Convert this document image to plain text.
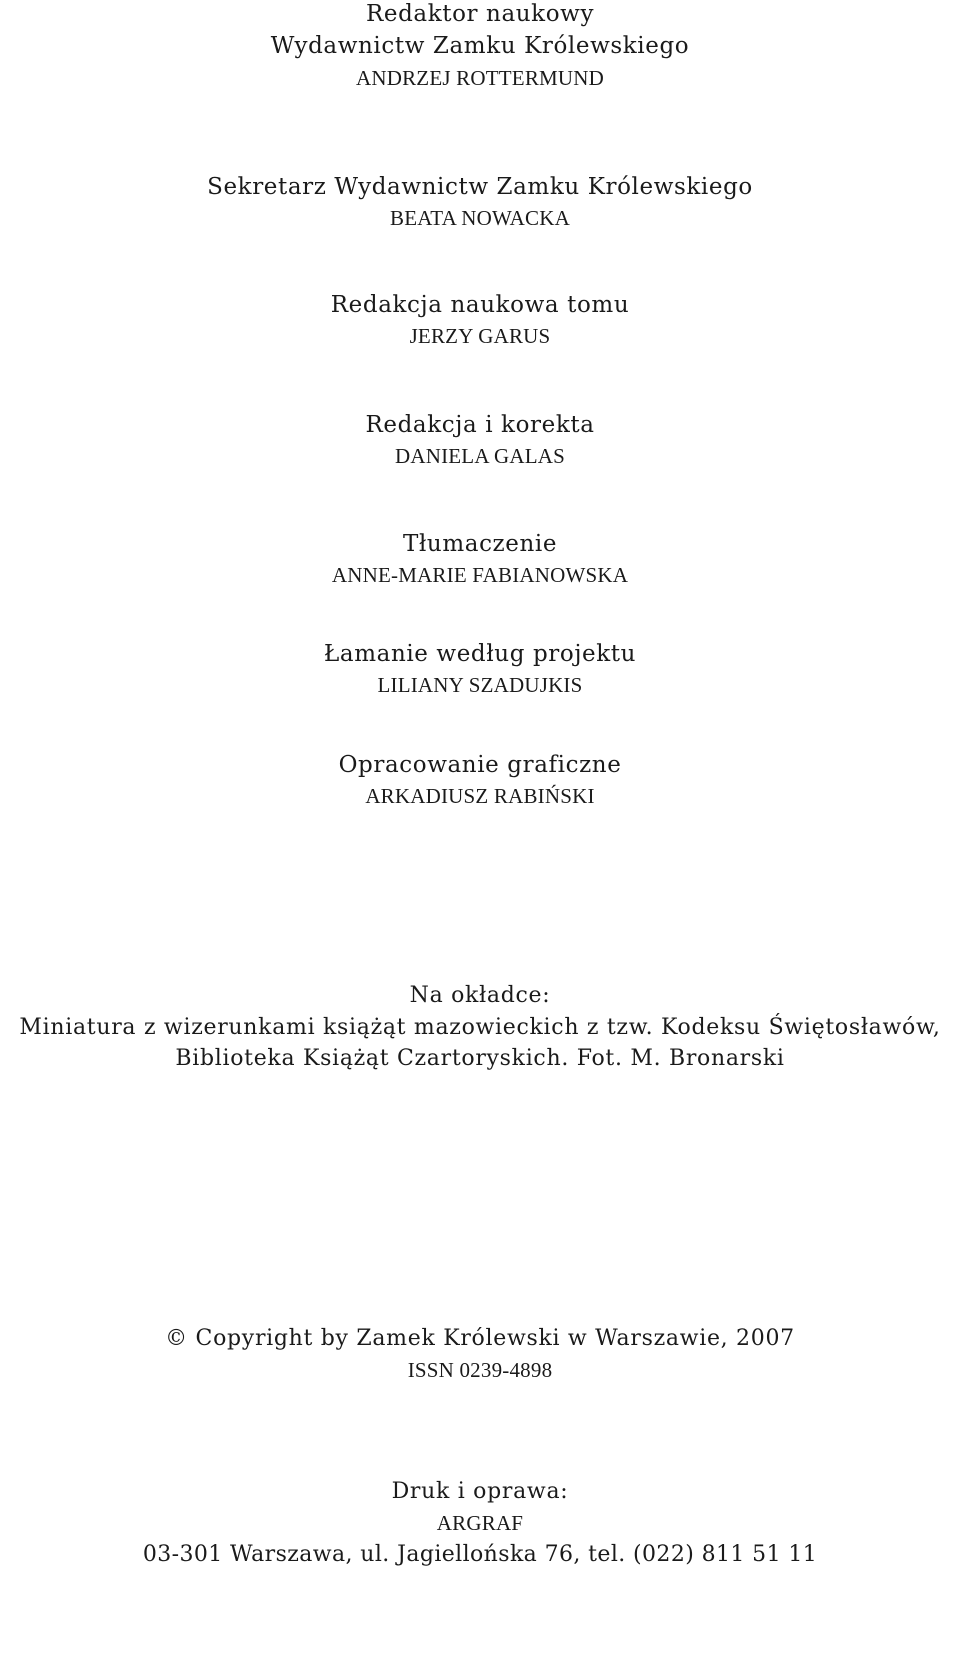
Redaktor naukowy
Wydawnictw Zamku Królewskiego
ANDRZEJ ROTTERMUND
Sekretarz Wydawnictw Zamku Królewskiego
BEATA NOWACKA
Redakcja naukowa tomu
JERZY GARUS
Redakcja i korekta
DANIELA GALAS
Tłumaczenie
ANNE-MARIE FABIANOWSKA
Łamanie według projektu
LILIANY SZADUJKIS
Opracowanie graficzne
ARKADIUSZ RABIŃSKI
Na okładce:
Miniatura z wizerunkami książąt mazowieckich z tzw. Kodeksu Świętosławów,
Biblioteka Książąt Czartoryskich. Fot. M. Bronarski
© Copyright by Zamek Królewski w Warszawie, 2007
ISSN 0239-4898
Druk i oprawa:
ARGRAF
03-301 Warszawa, ul. Jagiellońska 76, tel. (022) 811 51 11
